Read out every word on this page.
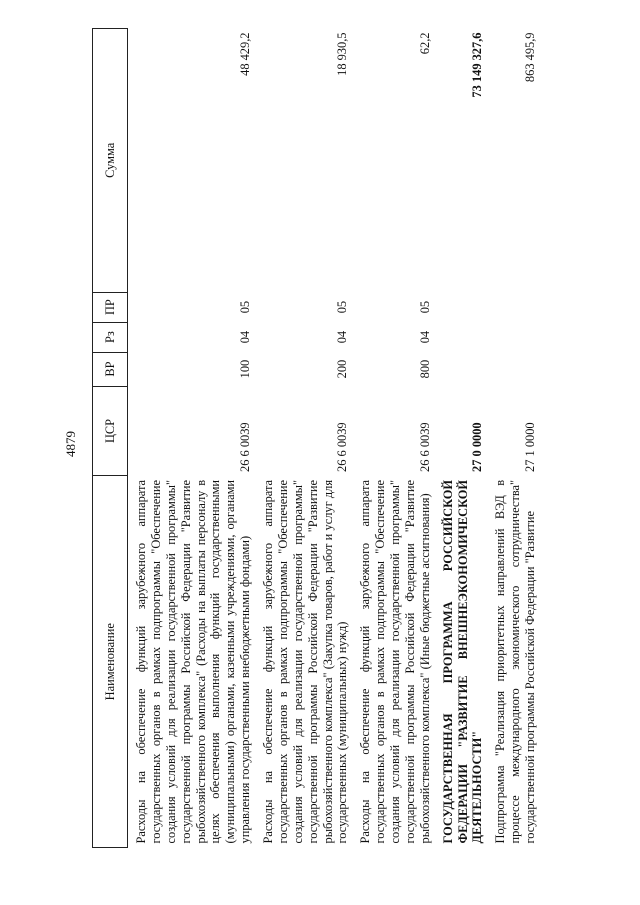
4879
Наименование	ЦСР	ВР	Рз	ПР	Сумма
Расходы на обеспечение функций зарубежного аппарата государственных органов в рамках подпрограммы "Обеспечение создания условий для реализации государственной программы" государственной программы Российской Федерации "Развитие рыбохозяйственного комплекса" (Расходы на выплаты персоналу в целях обеспечения выполнения функций государственными (муниципальными) органами, казенными учреждениями, органами управления государственными внебюджетными фондами)	26 6 0039	100	04	05	48 429,2
Расходы на обеспечение функций зарубежного аппарата государственных органов в рамках подпрограммы "Обеспечение создания условий для реализации государственной программы" государственной программы Российской Федерации "Развитие рыбохозяйственного комплекса" (Закупка товаров, работ и услуг для государственных (муниципальных) нужд)	26 6 0039	200	04	05	18 930,5
Расходы на обеспечение функций зарубежного аппарата государственных органов в рамках подпрограммы "Обеспечение создания условий для реализации государственной программы" государственной программы Российской Федерации "Развитие рыбохозяйственного комплекса" (Иные бюджетные ассигнования)	26 6 0039	800	04	05	62,2
ГОСУДАРСТВЕННАЯ ПРОГРАММА РОССИЙСКОЙ ФЕДЕРАЦИИ "РАЗВИТИЕ ВНЕШНЕЭКОНОМИЧЕСКОЙ ДЕЯТЕЛЬНОСТИ"	27 0 0000				73 149 327,6
Подпрограмма "Реализация приоритетных направлений ВЭД в процессе международного экономического сотрудничества" государственной программы Российской Федерации "Развитие	27 1 0000				863 495,9
